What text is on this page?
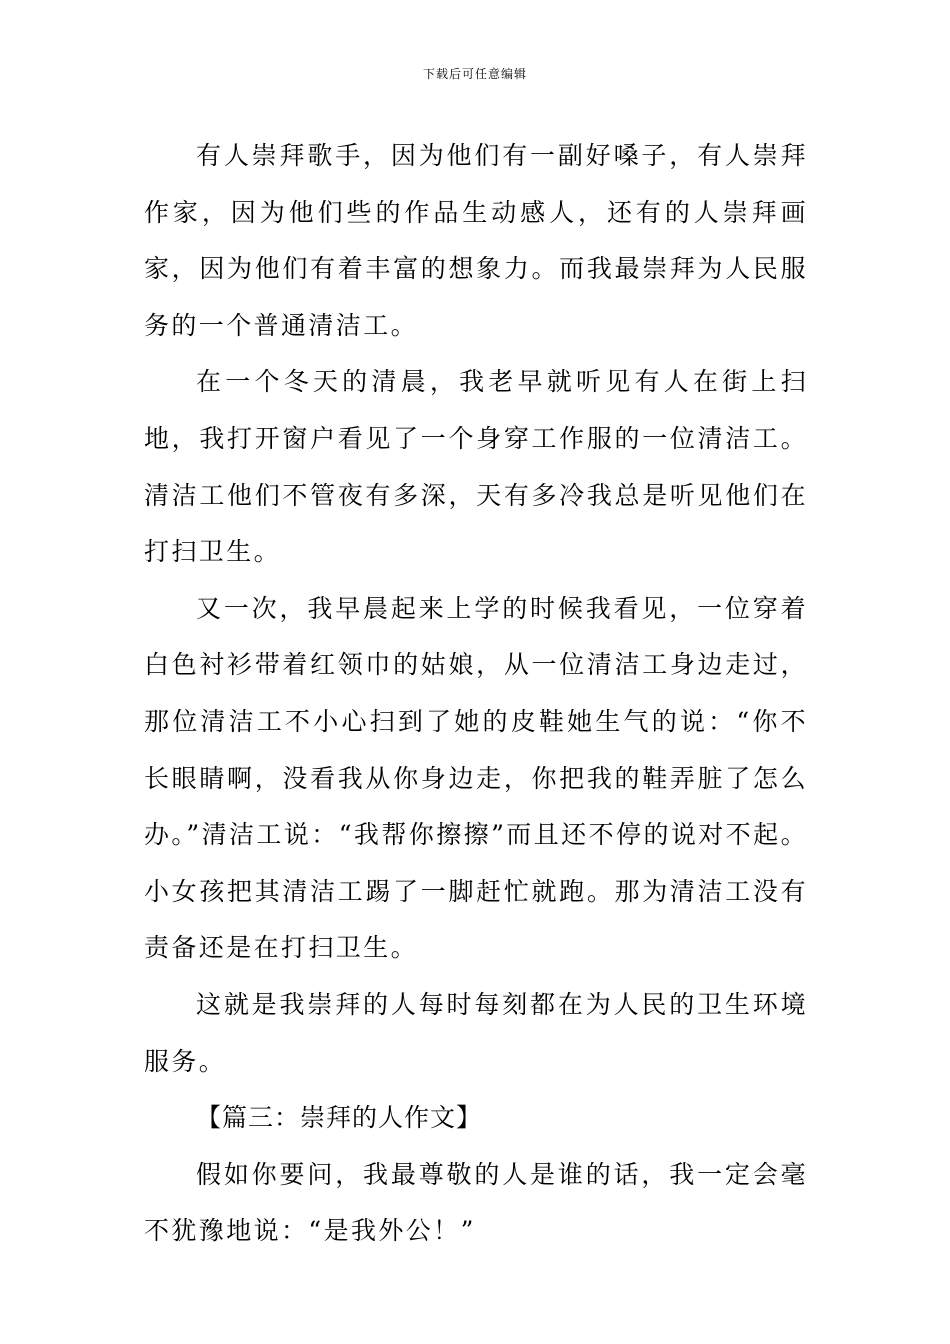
下载后可任意编辑

有人崇拜歌手，因为他们有一副好嗓子，有人崇拜作家，因为他们些的作品生动感人，还有的人崇拜画家，因为他们有着丰富的想象力。而我最崇拜为人民服务的一个普通清洁工。

在一个冬天的清晨，我老早就听见有人在街上扫地，我打开窗户看见了一个身穿工作服的一位清洁工。清洁工他们不管夜有多深，天有多冷我总是听见他们在打扫卫生。

又一次，我早晨起来上学的时候我看见，一位穿着白色衬衫带着红领巾的姑娘，从一位清洁工身边走过，那位清洁工不小心扫到了她的皮鞋她生气的说：“你不长眼睛啊，没看我从你身边走，你把我的鞋弄脏了怎么办。”清洁工说：“我帮你擦擦”而且还不停的说对不起。小女孩把其清洁工踢了一脚赶忙就跑。那为清洁工没有责备还是在打扫卫生。

这就是我崇拜的人每时每刻都在为人民的卫生环境服务。

【篇三：崇拜的人作文】

假如你要问，我最尊敬的人是谁的话，我一定会毫不犹豫地说：“是我外公！”
